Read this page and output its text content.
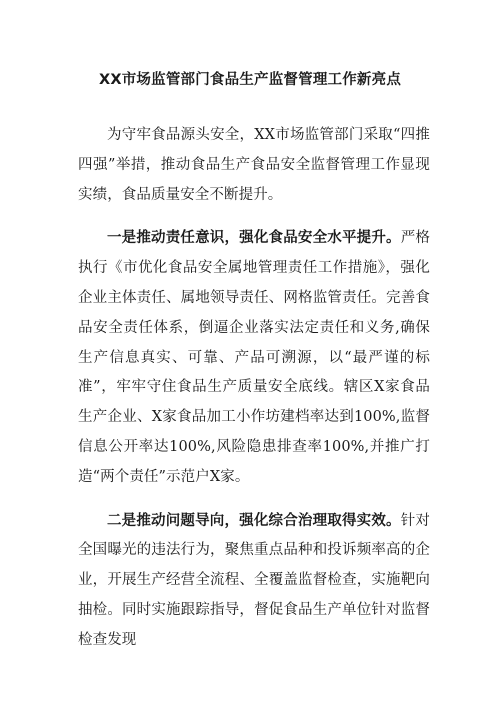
XX市场监管部门食品生产监督管理工作新亮点

为守牢食品源头安全，XX市场监管部门采取“四推四强”举措，推动食品生产食品安全监督管理工作显现实绩，食品质量安全不断提升。

一是推动责任意识，强化食品安全水平提升。严格执行《市优化食品安全属地管理责任工作措施》，强化企业主体责任、属地领导责任、网格监管责任。完善食品安全责任体系，倒逼企业落实法定责任和义务,确保生产信息真实、可靠、产品可溯源，以“最严谨的标准”，牢牢守住食品生产质量安全底线。辖区X家食品生产企业、X家食品加工小作坊建档率达到100%,监督信息公开率达100%,风险隐患排查率100%,并推广打造“两个责任”示范户X家。

二是推动问题导向，强化综合治理取得实效。针对全国曝光的违法行为，聚焦重点品种和投诉频率高的企业，开展生产经营全流程、全覆盖监督检查，实施靶向抽检。同时实施跟踪指导，督促食品生产单位针对监督检查发现
